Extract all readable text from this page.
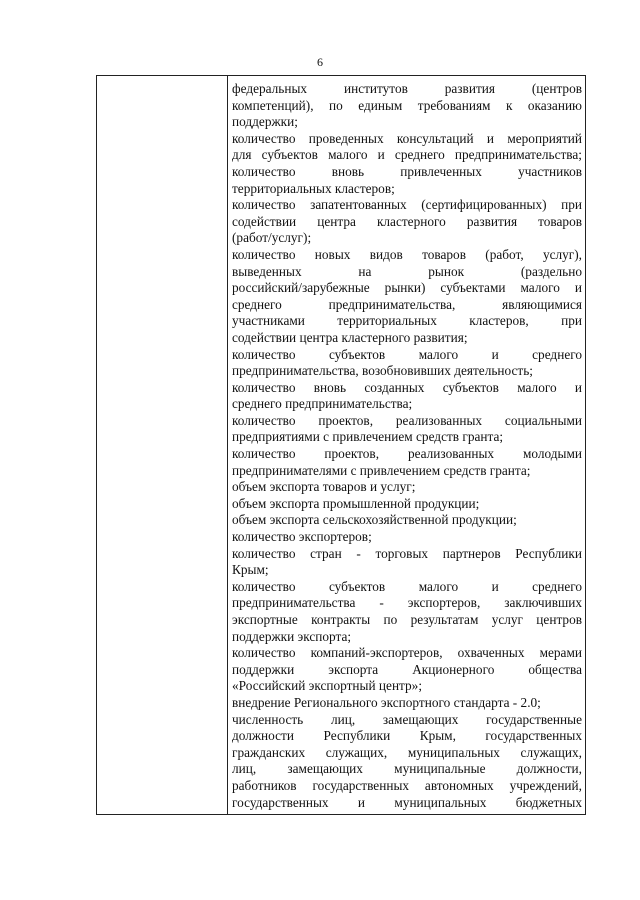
6
федеральных институтов развития (центров
компетенций), по единым требованиям к оказанию
поддержки;
количество проведенных консультаций и мероприятий
для субъектов малого и среднего предпринимательства;
количество вновь привлеченных участников
территориальных кластеров;
количество запатентованных (сертифицированных) при
содействии центра кластерного развития товаров
(работ/услуг);
количество новых видов товаров (работ, услуг),
выведенных на рынок (раздельно
российский/зарубежные рынки) субъектами малого и
среднего предпринимательства, являющимися
участниками территориальных кластеров, при
содействии центра кластерного развития;
количество субъектов малого и среднего
предпринимательства, возобновивших деятельность;
количество вновь созданных субъектов малого и
среднего предпринимательства;
количество проектов, реализованных социальными
предприятиями с привлечением средств гранта;
количество проектов, реализованных молодыми
предпринимателями с привлечением средств гранта;
объем экспорта товаров и услуг;
объем экспорта промышленной продукции;
объем экспорта сельскохозяйственной продукции;
количество экспортеров;
количество стран - торговых партнеров Республики
Крым;
количество субъектов малого и среднего
предпринимательства - экспортеров, заключивших
экспортные контракты по результатам услуг центров
поддержки экспорта;
количество компаний-экспортеров, охваченных мерами
поддержки экспорта Акционерного общества
«Российский экспортный центр»;
внедрение Регионального экспортного стандарта - 2.0;
численность лиц, замещающих государственные
должности Республики Крым, государственных
гражданских служащих, муниципальных служащих,
лиц, замещающих муниципальные должности,
работников государственных автономных учреждений,
государственных и муниципальных бюджетных
